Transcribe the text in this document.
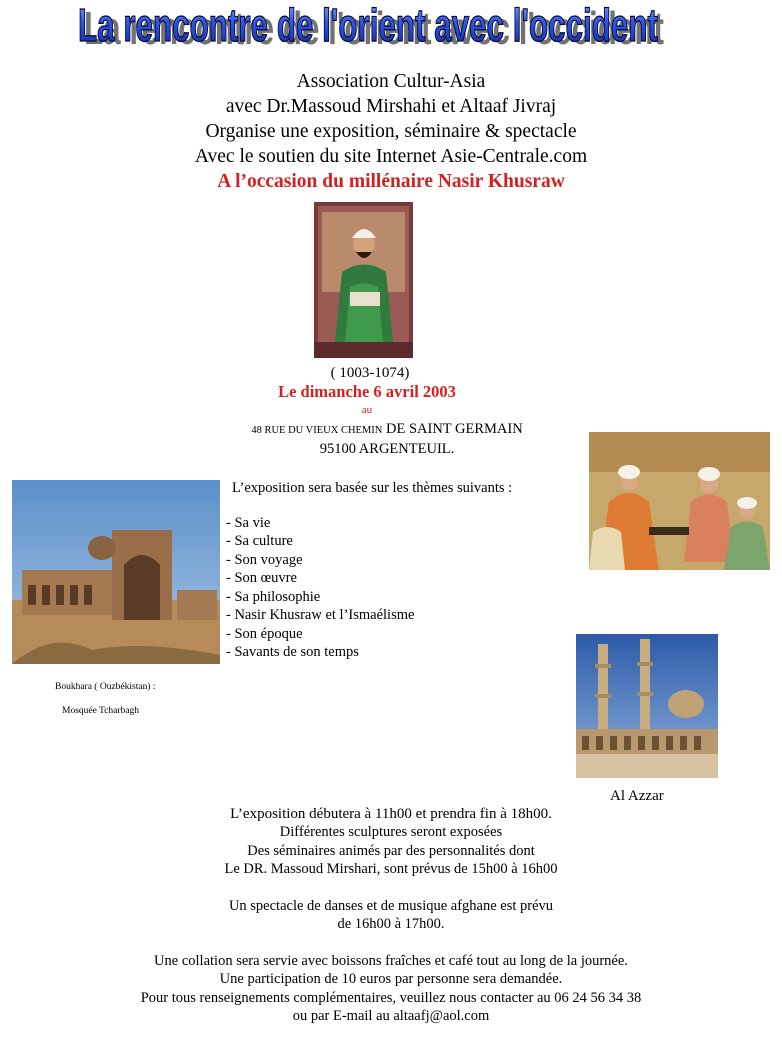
La rencontre de l'orient avec l'occident
La rencontre de l'orient avec l'occident
Association Cultur-Asia
avec Dr.Massoud Mirshahi et Altaaf Jivraj
Organise une exposition, séminaire & spectacle
Avec le soutien du site Internet Asie-Centrale.com
A l’occasion du millénaire Nasir Khusraw
( 1003-1074)
Le dimanche 6 avril 2003
au
48 RUE DU VIEUX CHEMIN DE SAINT GERMAIN
95100 ARGENTEUIL.
L’exposition sera basée sur les thèmes suivants :
- Sa vie
- Sa culture
- Son voyage
- Son œuvre
- Sa philosophie
- Nasir Khusraw et l’Ismaélisme
- Son époque
- Savants de son temps
Boukhara ( Ouzbékistan) :
Mosquée Tcharbagh
Al Azzar
L’exposition débutera à 11h00 et prendra fin à 18h00.
Différentes sculptures seront exposées
Des séminaires animés par des personnalités dont
Le DR. Massoud Mirshari, sont prévus de 15h00 à 16h00
Un spectacle de danses et de musique afghane est prévu
de 16h00 à 17h00.
Une collation sera servie avec boissons fraîches et café tout au long de la journée.
Une participation de 10 euros par personne sera demandée.
Pour tous renseignements complémentaires, veuillez nous contacter au 06 24 56 34 38
ou par E-mail au altaafj@aol.com
